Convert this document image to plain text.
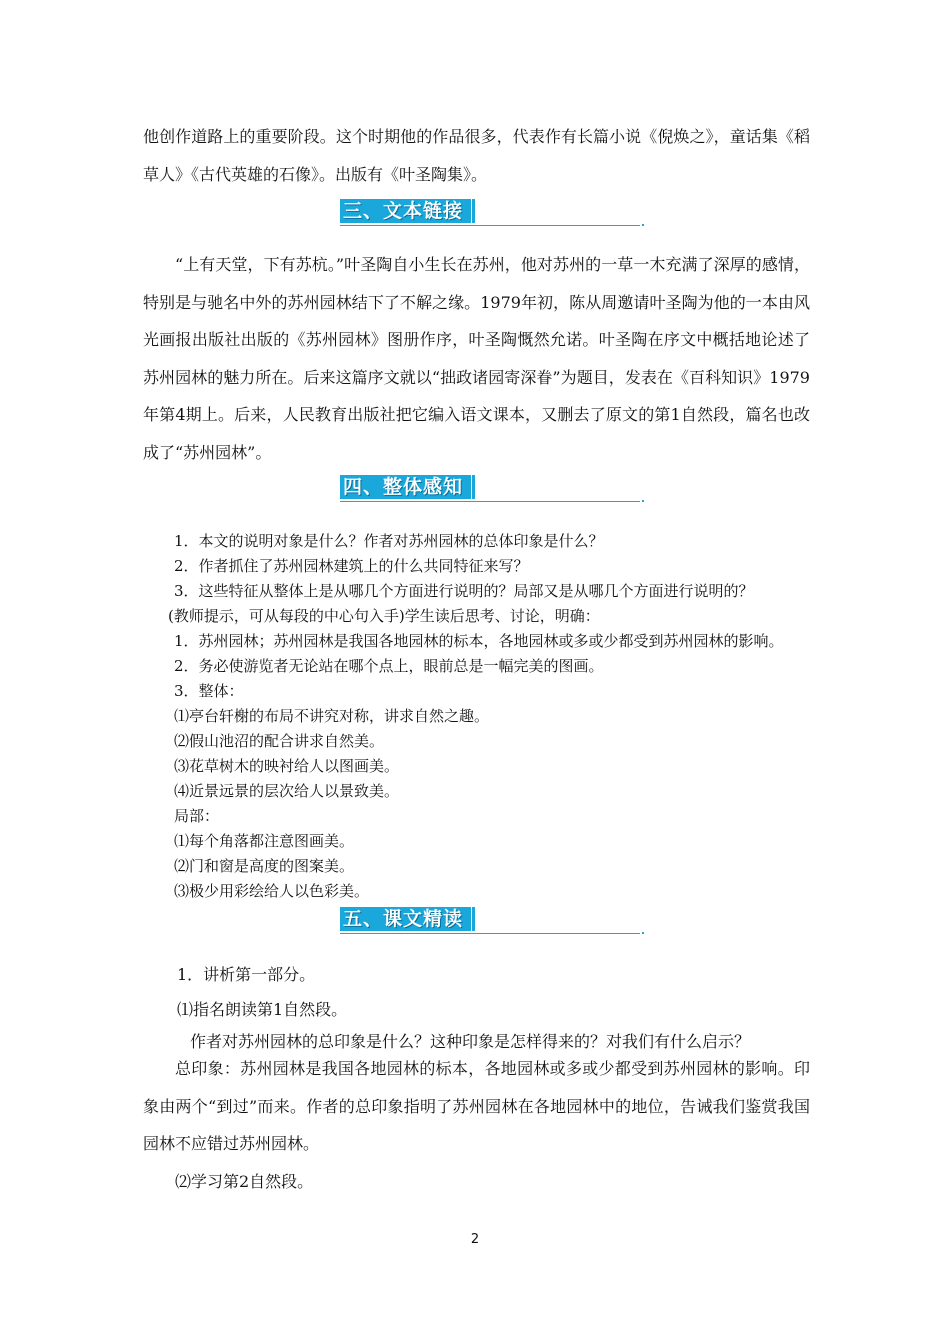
他创作道路上的重要阶段。这个时期他的作品很多，代表作有长篇小说《倪焕之》，童话集《稻草人》《古代英雄的石像》。出版有《叶圣陶集》。

三、文本链接

“上有天堂，下有苏杭。”叶圣陶自小生长在苏州，他对苏州的一草一木充满了深厚的感情，特别是与驰名中外的苏州园林结下了不解之缘。1979年初，陈从周邀请叶圣陶为他的一本由风光画报出版社出版的《苏州园林》图册作序，叶圣陶慨然允诺。叶圣陶在序文中概括地论述了苏州园林的魅力所在。后来这篇序文就以“拙政诸园寄深眷”为题目，发表在《百科知识》1979年第4期上。后来，人民教育出版社把它编入语文课本，又删去了原文的第1自然段，篇名也改成了“苏州园林”。

四、整体感知
1．本文的说明对象是什么？作者对苏州园林的总体印象是什么？
2．作者抓住了苏州园林建筑上的什么共同特征来写？
3．这些特征从整体上是从哪几个方面进行说明的？局部又是从哪几个方面进行说明的？
(教师提示，可从每段的中心句入手)学生读后思考、讨论，明确：
1．苏州园林；苏州园林是我国各地园林的标本，各地园林或多或少都受到苏州园林的影响。
2．务必使游览者无论站在哪个点上，眼前总是一幅完美的图画。
3．整体：
⑴亭台轩榭的布局不讲究对称，讲求自然之趣。
⑵假山池沼的配合讲求自然美。
⑶花草树木的映衬给人以图画美。
⑷近景远景的层次给人以景致美。
局部：
⑴每个角落都注意图画美。
⑵门和窗是高度的图案美。
⑶极少用彩绘给人以色彩美。
五、课文精读
1．讲析第一部分。
⑴指名朗读第1自然段。
作者对苏州园林的总印象是什么？这种印象是怎样得来的？对我们有什么启示？

总印象：苏州园林是我国各地园林的标本，各地园林或多或少都受到苏州园林的影响。印象由两个“到过”而来。作者的总印象指明了苏州园林在各地园林中的地位，告诫我们鉴赏我国园林不应错过苏州园林。

⑵学习第2自然段。
2
